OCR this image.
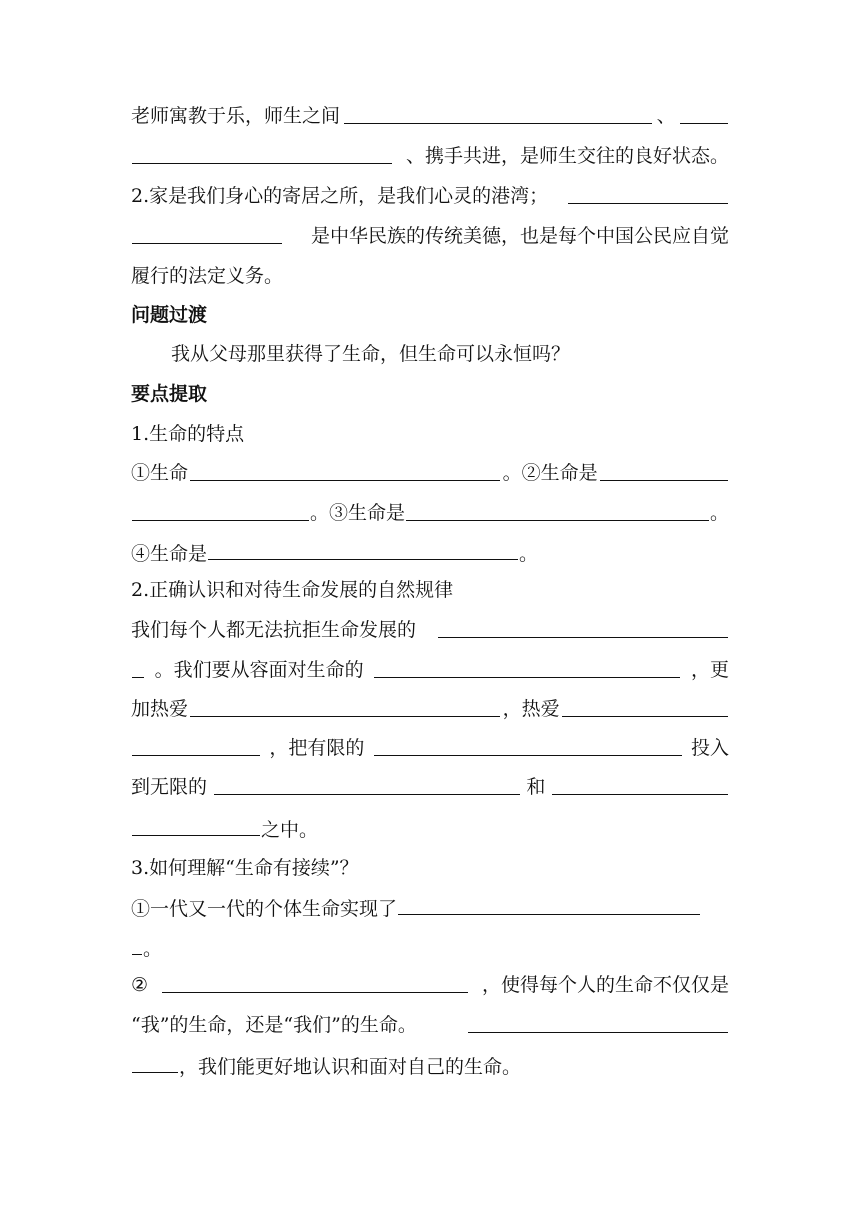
老师寓教于乐，师生之间	、
、携手共进，是师生交往的良好状态。
2.家是我们身心的寄居之所，是我们心灵的港湾；
是中华民族的传统美德，也是每个中国公民应自觉
履行的法定义务。
问题过渡
我从父母那里获得了生命，但生命可以永恒吗？
要点提取
1.生命的特点
①生命	。②生命是
。③生命是	。
④生命是	。
2.正确认识和对待生命发展的自然规律
我们每个人都无法抗拒生命发展的
。我们要从容面对生命的	，更
加热爱	，热爱
，把有限的	投入
到无限的	和
之中。
3.如何理解“生命有接续”？
①一代又一代的个体生命实现了
。
②	，使得每个人的生命不仅仅是
“我”的生命，还是“我们”的生命。
，我们能更好地认识和面对自己的生命。
